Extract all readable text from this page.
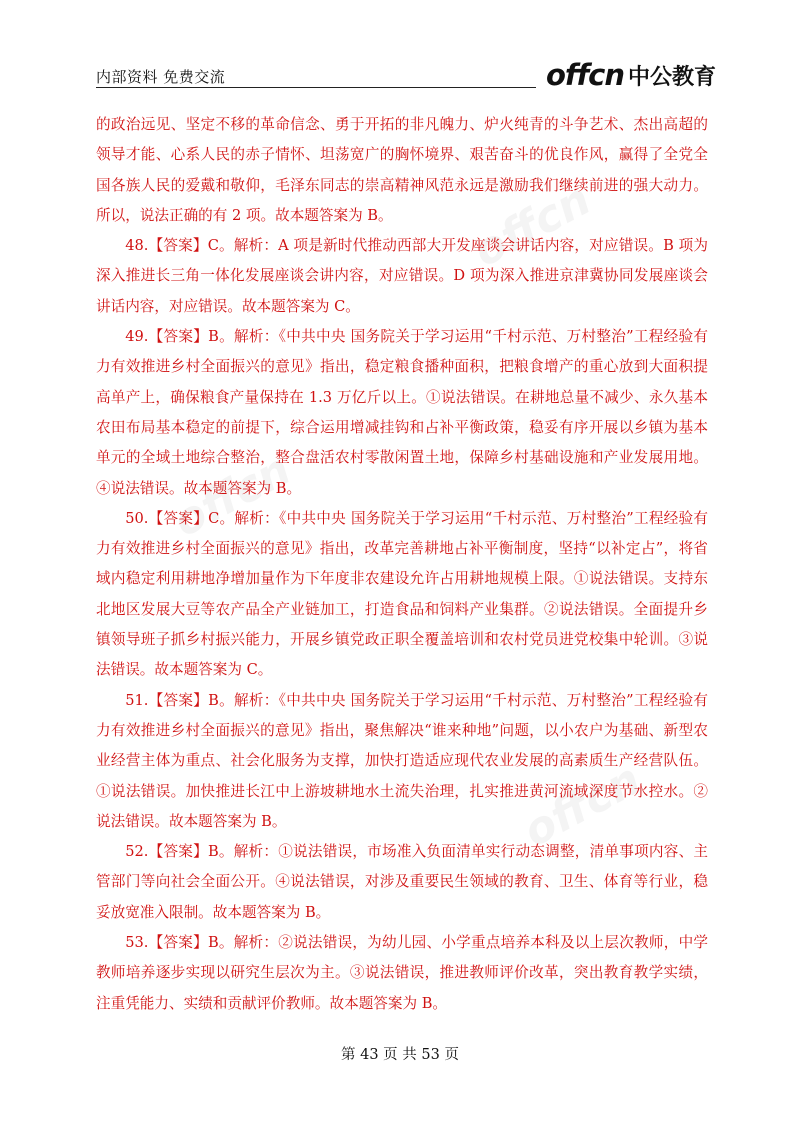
内部资料 免费交流	offcn 中公教育

的政治远见、坚定不移的革命信念、勇于开拓的非凡魄力、炉火纯青的斗争艺术、杰出高超的领导才能、心系人民的赤子情怀、坦荡宽广的胸怀境界、艰苦奋斗的优良作风，赢得了全党全国各族人民的爱戴和敬仰，毛泽东同志的崇高精神风范永远是激励我们继续前进的强大动力。所以，说法正确的有 2 项。故本题答案为 B。

48.【答案】C。解析：A 项是新时代推动西部大开发座谈会讲话内容，对应错误。B 项为深入推进长三角一体化发展座谈会讲内容，对应错误。D 项为深入推进京津冀协同发展座谈会讲话内容，对应错误。故本题答案为 C。

49.【答案】B。解析：《中共中央 国务院关于学习运用“千村示范、万村整治”工程经验有力有效推进乡村全面振兴的意见》指出，稳定粮食播种面积，把粮食增产的重心放到大面积提高单产上，确保粮食产量保持在 1.3 万亿斤以上。①说法错误。在耕地总量不减少、永久基本农田布局基本稳定的前提下，综合运用增减挂钩和占补平衡政策，稳妥有序开展以乡镇为基本单元的全域土地综合整治，整合盘活农村零散闲置土地，保障乡村基础设施和产业发展用地。④说法错误。故本题答案为 B。

50.【答案】C。解析：《中共中央 国务院关于学习运用“千村示范、万村整治”工程经验有力有效推进乡村全面振兴的意见》指出，改革完善耕地占补平衡制度，坚持“以补定占”，将省域内稳定利用耕地净增加量作为下年度非农建设允许占用耕地规模上限。①说法错误。支持东北地区发展大豆等农产品全产业链加工，打造食品和饲料产业集群。②说法错误。全面提升乡镇领导班子抓乡村振兴能力，开展乡镇党政正职全覆盖培训和农村党员进党校集中轮训。③说法错误。故本题答案为 C。

51.【答案】B。解析：《中共中央 国务院关于学习运用“千村示范、万村整治”工程经验有力有效推进乡村全面振兴的意见》指出，聚焦解决“谁来种地”问题，以小农户为基础、新型农业经营主体为重点、社会化服务为支撑，加快打造适应现代农业发展的高素质生产经营队伍。①说法错误。加快推进长江中上游坡耕地水土流失治理，扎实推进黄河流域深度节水控水。②说法错误。故本题答案为 B。

52.【答案】B。解析：①说法错误，市场准入负面清单实行动态调整，清单事项内容、主管部门等向社会全面公开。④说法错误，对涉及重要民生领域的教育、卫生、体育等行业，稳妥放宽准入限制。故本题答案为 B。

53.【答案】B。解析：②说法错误，为幼儿园、小学重点培养本科及以上层次教师，中学教师培养逐步实现以研究生层次为主。③说法错误，推进教师评价改革，突出教育教学实绩，注重凭能力、实绩和贡献评价教师。故本题答案为 B。

第 43 页 共 53 页
